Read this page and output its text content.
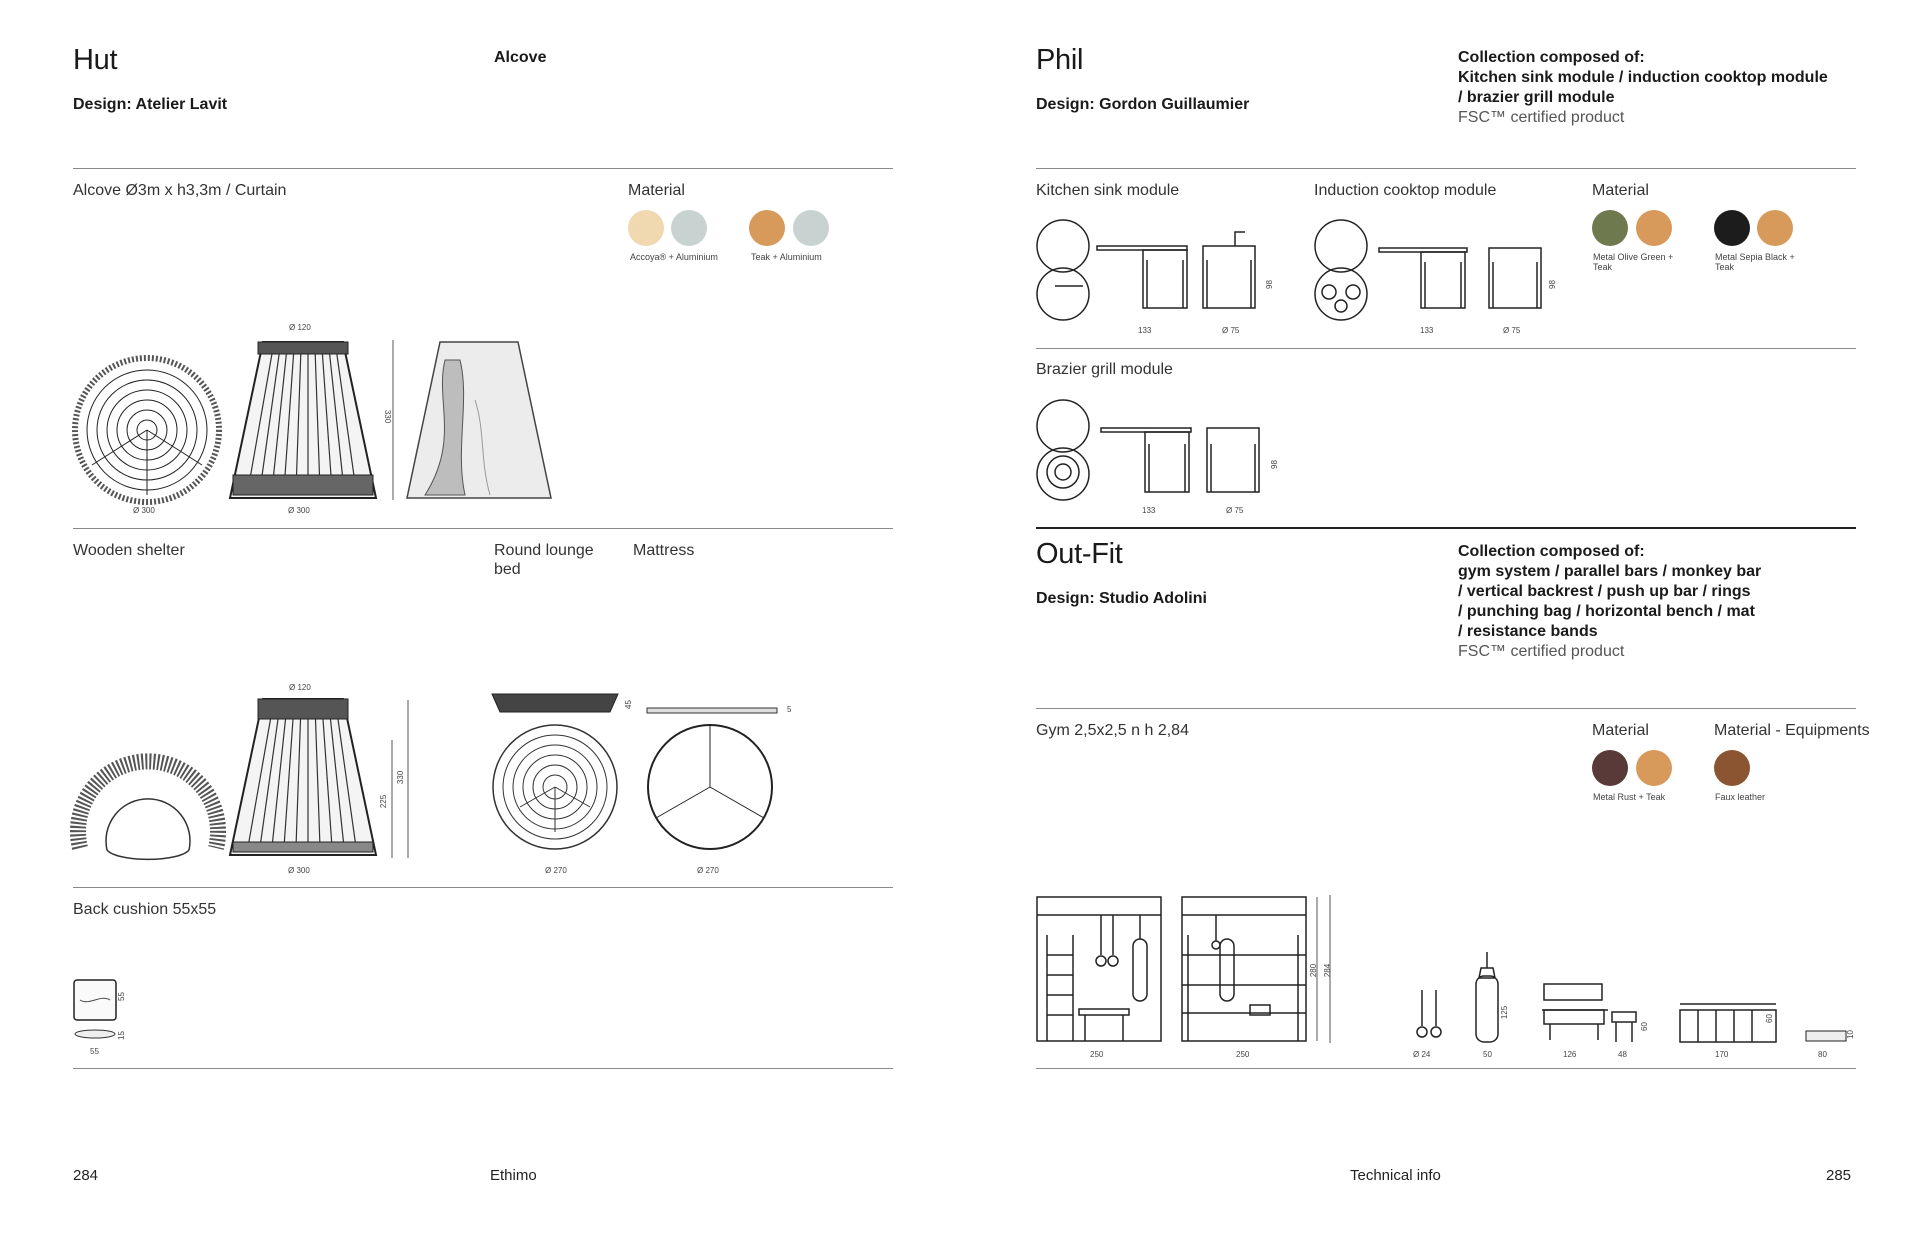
Hut
Design: Atelier Lavit
Alcove
Alcove Ø3m x h3,3m / Curtain	Material
Accoya® + Aluminium	Teak + Aluminium
Ø 300
Ø 120
Ø 300
330
Wooden shelter	Round lounge bed
Mattress
Ø 120
Ø 300
225
330
45
Ø 270
5
Ø 270
Back cushion 55x55
55
15
55
284	Ethimo
Phil
Design: Gordon Guillaumier
Collection composed of:
Kitchen sink module / induction cooktop module
/ brazier grill module
FSC™ certified product
Kitchen sink module	Induction cooktop module	Material
Metal Olive Green + Teak
Metal Sepia Black + Teak
133	Ø 75
98
133	Ø 75
98
Brazier grill module
133	Ø 75
98
Out-Fit
Design: Studio Adolini
Collection composed of:
gym system / parallel bars / monkey bar
/ vertical backrest / push up bar / rings
/ punching bag / horizontal bench / mat
/ resistance bands
FSC™ certified product
Gym 2,5x2,5 n h 2,84	Material	Material - Equipments
Metal Rust + Teak	Faux leather
250	250
280 284
Ø 24	50
125
126	48
60
170
60
80
10
Technical info	285
